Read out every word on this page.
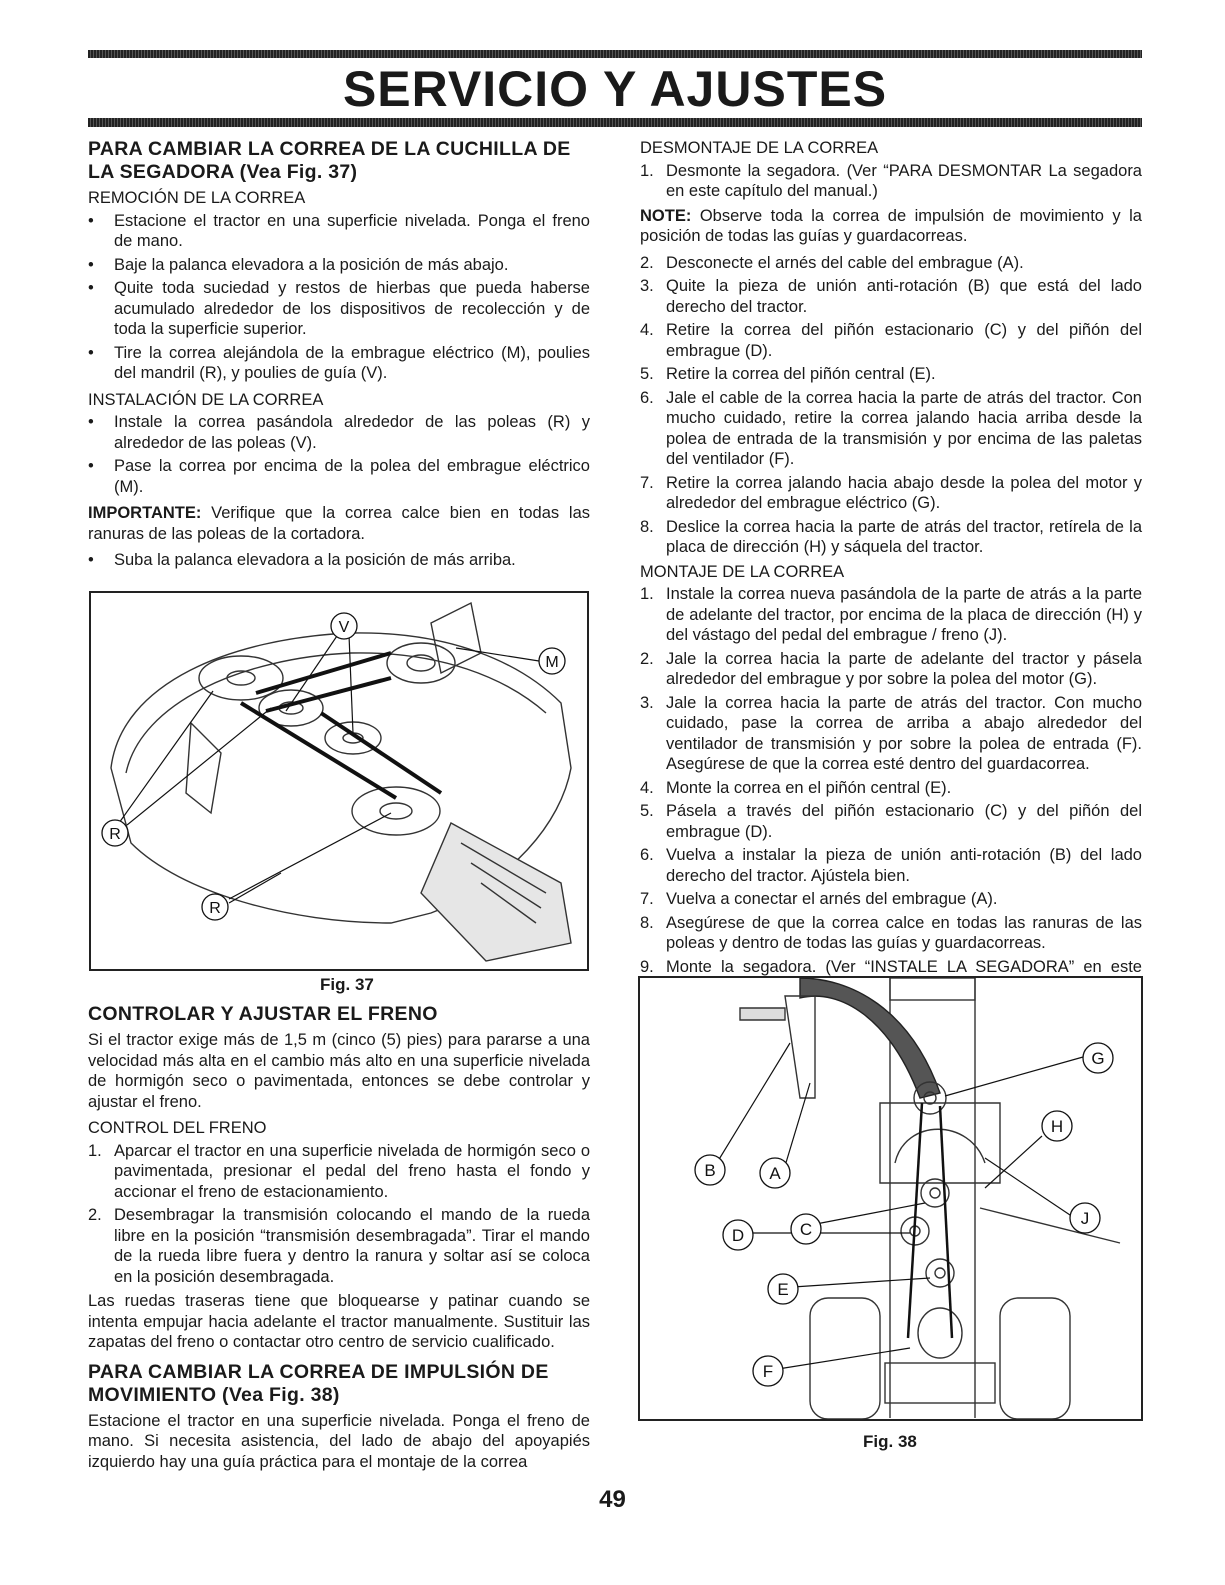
SERVICIO Y AJUSTES
PARA CAMBIAR LA CORREA DE LA CUCHILLA DE LA SEGADORA (Vea Fig. 37)
REMOCIÓN DE LA CORREA
• Estacione el tractor en una superficie nivelada. Ponga el freno de mano.
• Baje la palanca elevadora a la posición de más abajo.
• Quite toda suciedad y restos de hierbas que pueda haberse acumulado alrededor de los dispositivos de recolección y de toda la superficie superior.
• Tire la correa alejándola de la embrague eléctrico (M), poulies del mandril (R), y poulies de guía (V).
INSTALACIÓN DE LA CORREA
• Instale la correa pasándola alrededor de las poleas (R) y alrededor de las poleas (V).
• Pase la correa por encima de la polea del embrague eléctrico (M).

IMPORTANTE: Verifique que la correa calce bien en todas las ranuras de las poleas de la cortadora.

• Suba la palanca elevadora a la posición de más arriba.
V
M
R
R
Fig. 37
CONTROLAR Y AJUSTAR EL FRENO

Si el tractor exige más de 1,5 m (cinco (5) pies) para pararse a una velocidad más alta en el cambio más alto en una superficie nivelada de hormigón seco o pavimentada, entonces se debe controlar y ajustar el freno.

CONTROL DEL FRENO
1. Aparcar el tractor en una superficie nivelada de hormigón seco o pavimentada, presionar el pedal del freno hasta el fondo y accionar el freno de estacionamiento.
2. Desembragar la transmisión colocando el mando de la rueda libre en la posición “transmisión desembragada”. Tirar el mando de la rueda libre fuera y dentro la ranura y soltar así se coloca en la posición desembragada.

Las ruedas traseras tiene que bloquearse y patinar cuando se intenta empujar hacia adelante el tractor manualmente. Sustituir las zapatas del freno o contactar otro centro de servicio cualificado.

PARA CAMBIAR LA CORREA DE IMPULSIÓN DE MOVIMIENTO (Vea Fig. 38)

Estacione el tractor en una superficie nivelada. Ponga el freno de mano. Si necesita asistencia, del lado de abajo del apoyapiés izquierdo hay una guía práctica para el montaje de la correa

DESMONTAJE DE LA CORREA
1. Desmonte la segadora. (Ver “PARA DESMONTAR La segadora en este capítulo del manual.)

NOTE: Observe toda la correa de impulsión de movimiento y la posición de todas las guías y guardacorreas.

2. Desconecte el arnés del cable del embrague (A).
3. Quite la pieza de unión anti-rotación (B) que está del lado derecho del tractor.
4. Retire la correa del piñón estacionario (C) y del piñón del embrague (D).
5. Retire la correa del piñón central (E).
6. Jale el cable de la correa hacia la parte de atrás del tractor. Con mucho cuidado, retire la correa jalando hacia arriba desde la polea de entrada de la transmisión y por encima de las paletas del ventilador (F).
7. Retire la correa jalando hacia abajo desde la polea del motor y alrededor del embrague eléctrico (G).
8. Deslice la correa hacia la parte de atrás del tractor, retírela de la placa de dirección (H) y sáquela del tractor.
MONTAJE DE LA CORREA
1. Instale la correa nueva pasándola de la parte de atrás a la parte de adelante del tractor, por encima de la placa de dirección (H) y del vástago del pedal del embrague / freno (J).
2. Jale la correa hacia la parte de adelante del tractor y pásela alrededor del embrague y por sobre la polea del motor (G).
3. Jale la correa hacia la parte de atrás del tractor. Con mucho cuidado, pase la correa de arriba a abajo alrededor del ventilador de transmisión y por sobre la polea de entrada (F). Asegúrese de que la correa esté dentro del guardacorrea.
4. Monte la correa en el piñón central (E).
5. Pásela a través del piñón estacionario (C) y del piñón del embrague (D).
6. Vuelva a instalar la pieza de unión anti-rotación (B) del lado derecho del tractor. Ajústela bien.
7. Vuelva a conectar el arnés del embrague (A).
8. Asegúrese de que la correa calce en todas las ranuras de las poleas y dentro de todas las guías y guardacorreas.
9. Monte la segadora. (Ver “INSTALE LA SEGADORA” en este
G
B	A
C
D
E
F
H
J
Fig. 38
49
